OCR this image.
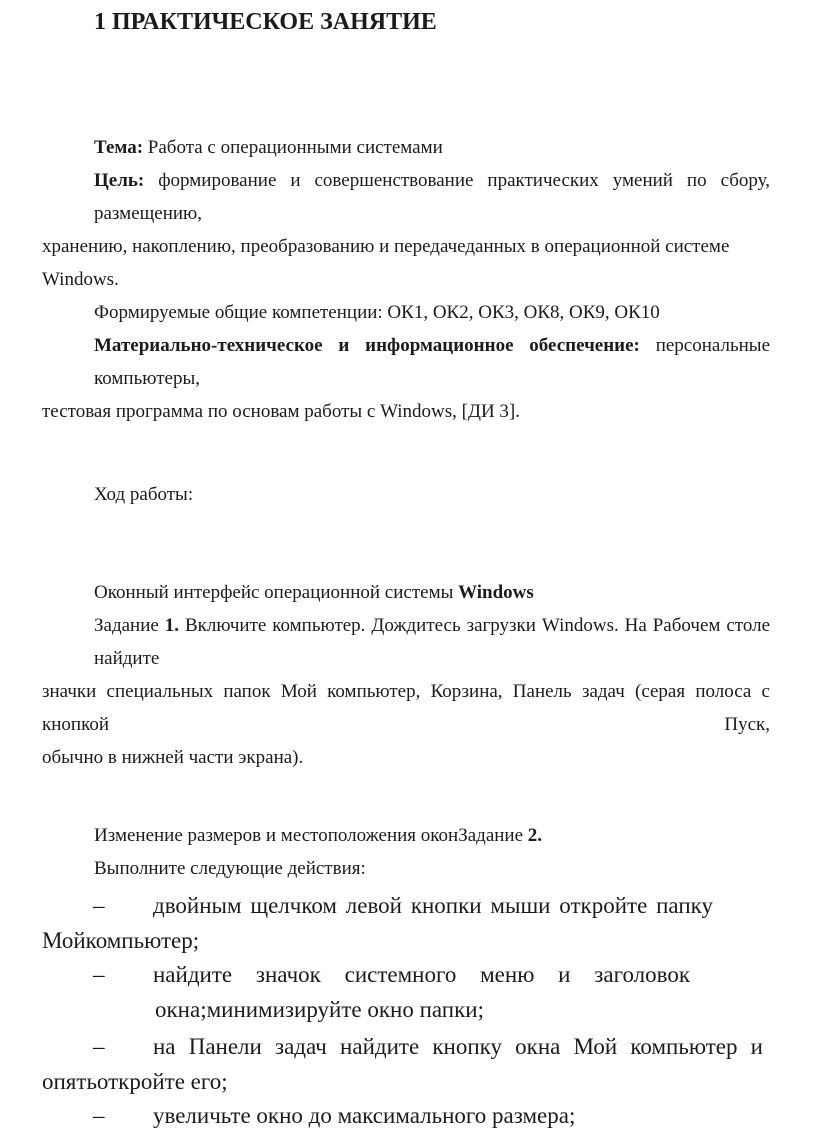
1 ПРАКТИЧЕСКОЕ ЗАНЯТИЕ

Тема: Работа с операционными системами

Цель: формирование и совершенствование практических умений по сбору, размещению,

хранению, накоплению, преобразованию и передачеданных в операционной системе Windows.

Формируемые общие компетенции: ОК1, ОК2, ОК3, ОК8, ОК9, ОК10

Материально-техническое и информационное обеспечение: персональные компьютеры,

тестовая программа по основам работы с Windows, [ДИ 3].

Ход работы:

Оконный интерфейс операционной системы Windows

Задание 1. Включите компьютер. Дождитесь загрузки Windows. На Рабочем столе найдите

значки специальных папок Мой компьютер, Корзина, Панель задач (серая полоса с кнопкой Пуск,

обычно в нижней части экрана).

Изменение размеров и местоположения оконЗадание 2.

Выполните следующие действия:

– двойным щелчком левой кнопки мыши откройте папку
Мойкомпьютер;
– найдите значок системного меню и заголовок
окна;минимизируйте окно папки;
– на Панели задач найдите кнопку окна Мой компьютер и
опятьоткройте его;
– увеличьте окно до максимального размера;
